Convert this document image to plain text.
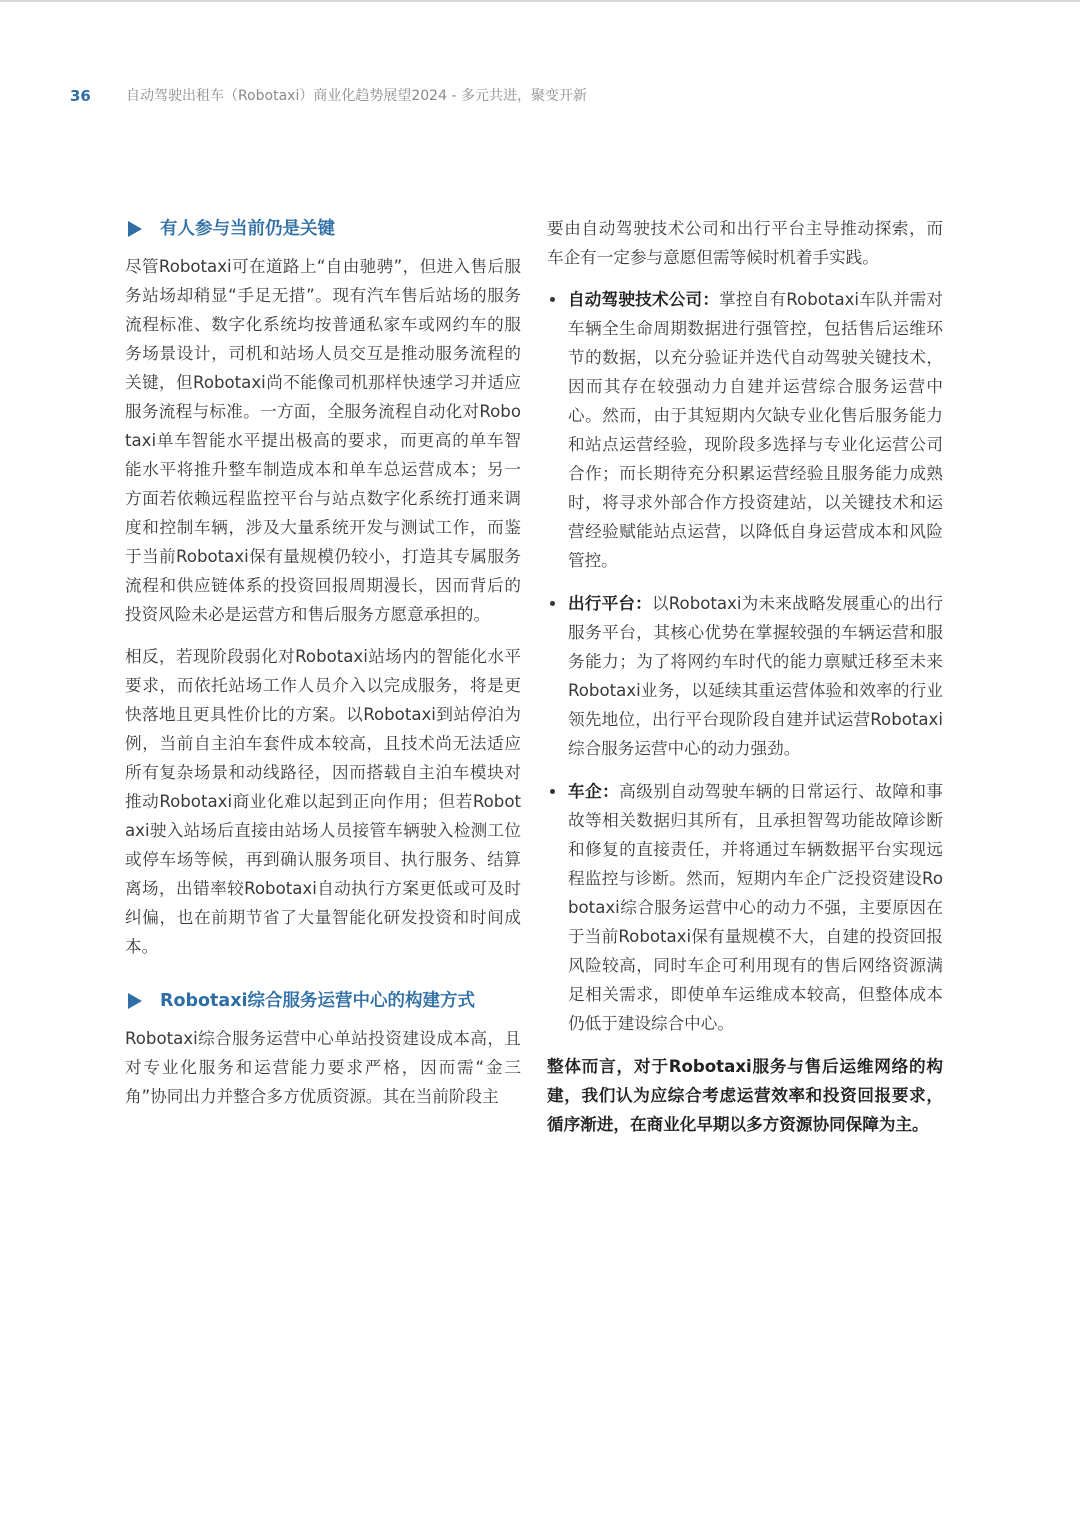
36	自动驾驶出租车（Robotaxi）商业化趋势展望2024 - 多元共进，聚变开新
有人参与当前仍是关键

尽管Robotaxi可在道路上“自由驰骋”，但进入售后服务站场却稍显“手足无措”。现有汽车售后站场的服务流程标准、数字化系统均按普通私家车或网约车的服务场景设计，司机和站场人员交互是推动服务流程的关键，但Robotaxi尚不能像司机那样快速学习并适应服务流程与标准。一方面，全服务流程自动化对Robotaxi单车智能水平提出极高的要求，而更高的单车智能水平将推升整车制造成本和单车总运营成本；另一方面若依赖远程监控平台与站点数字化系统打通来调度和控制车辆，涉及大量系统开发与测试工作，而鉴于当前Robotaxi保有量规模仍较小，打造其专属服务流程和供应链体系的投资回报周期漫长，因而背后的投资风险未必是运营方和售后服务方愿意承担的。

相反，若现阶段弱化对Robotaxi站场内的智能化水平要求，而依托站场工作人员介入以完成服务，将是更快落地且更具性价比的方案。以Robotaxi到站停泊为例，当前自主泊车套件成本较高，且技术尚无法适应所有复杂场景和动线路径，因而搭载自主泊车模块对推动Robotaxi商业化难以起到正向作用；但若Robotaxi驶入站场后直接由站场人员接管车辆驶入检测工位或停车场等候，再到确认服务项目、执行服务、结算离场，出错率较Robotaxi自动执行方案更低或可及时纠偏，也在前期节省了大量智能化研发投资和时间成本。

Robotaxi综合服务运营中心的构建方式

Robotaxi综合服务运营中心单站投资建设成本高，且对专业化服务和运营能力要求严格，因而需“金三角”协同出力并整合多方优质资源。其在当前阶段主

要由自动驾驶技术公司和出行平台主导推动探索，而车企有一定参与意愿但需等候时机着手实践。

自动驾驶技术公司：掌控自有Robotaxi车队并需对车辆全生命周期数据进行强管控，包括售后运维环节的数据，以充分验证并迭代自动驾驶关键技术，因而其存在较强动力自建并运营综合服务运营中心。然而，由于其短期内欠缺专业化售后服务能力和站点运营经验，现阶段多选择与专业化运营公司合作；而长期待充分积累运营经验且服务能力成熟时，将寻求外部合作方投资建站，以关键技术和运营经验赋能站点运营，以降低自身运营成本和风险管控。
出行平台：以Robotaxi为未来战略发展重心的出行服务平台，其核心优势在掌握较强的车辆运营和服务能力；为了将网约车时代的能力禀赋迁移至未来Robotaxi业务，以延续其重运营体验和效率的行业领先地位，出行平台现阶段自建并试运营Robotaxi综合服务运营中心的动力强劲。
车企：高级别自动驾驶车辆的日常运行、故障和事故等相关数据归其所有，且承担智驾功能故障诊断和修复的直接责任，并将通过车辆数据平台实现远程监控与诊断。然而，短期内车企广泛投资建设Robotaxi综合服务运营中心的动力不强，主要原因在于当前Robotaxi保有量规模不大，自建的投资回报风险较高，同时车企可利用现有的售后网络资源满足相关需求，即使单车运维成本较高，但整体成本仍低于建设综合中心。

整体而言，对于Robotaxi服务与售后运维网络的构建，我们认为应综合考虑运营效率和投资回报要求，循序渐进，在商业化早期以多方资源协同保障为主。
